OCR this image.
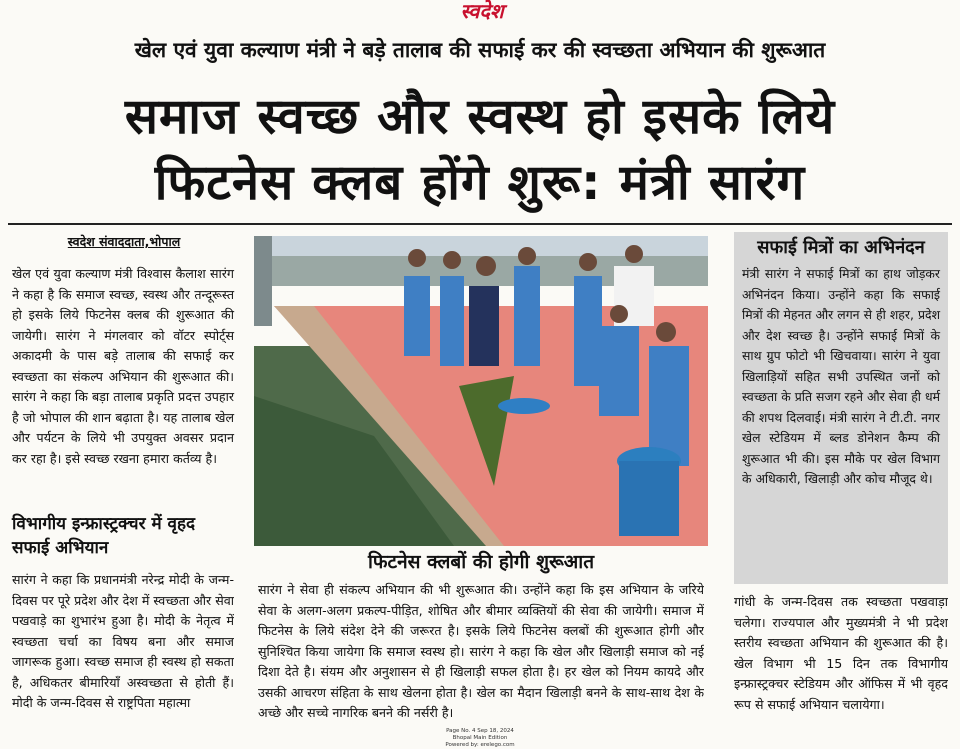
स्वदेश
खेल एवं युवा कल्याण मंत्री ने बड़े तालाब की सफाई कर की स्वच्छता अभियान की शुरूआत
समाज स्वच्छ और स्वस्थ हो इसके लिये
फिटनेस क्लब होंगे शुरू: मंत्री सारंग
स्वदेश संवाददाता,भोपाल
खेल एवं युवा कल्याण मंत्री विश्वास कैलाश सारंग ने कहा है कि समाज स्वच्छ, स्वस्थ और तन्दूरूस्त हो इसके लिये फिटनेस क्लब की शुरूआत की जायेगी। सारंग ने मंगलवार को वॉटर स्पोर्ट्स अकादमी के पास बड़े तालाब की सफाई कर स्वच्छता का संकल्प अभियान की शुरूआत की। सारंग ने कहा कि बड़ा तालाब प्रकृति प्रदत्त उपहार है जो भोपाल की शान बढ़ाता है। यह तालाब खेल और पर्यटन के लिये भी उपयुक्त अवसर प्रदान कर रहा है। इसे स्वच्छ रखना हमारा कर्तव्य है।
विभागीय इन्फ्रास्ट्रक्चर में वृहद सफाई अभियान
सारंग ने कहा कि प्रधानमंत्री नरेन्द्र मोदी के जन्म-दिवस पर पूरे प्रदेश और देश में स्वच्छता और सेवा पखवाड़े का शुभारंभ हुआ है। मोदी के नेतृत्व में स्वच्छता चर्चा का विषय बना और समाज जागरूक हुआ। स्वच्छ समाज ही स्वस्थ हो सकता है, अधिकतर बीमारियाँ अस्वच्छता से होती हैं। मोदी के जन्म-दिवस से राष्ट्रपिता महात्मा
फिटनेस क्लबों की होगी शुरूआत
सारंग ने सेवा ही संकल्प अभियान की भी शुरूआत की। उन्होंने कहा कि इस अभियान के जरिये सेवा के अलग-अलग प्रकल्प-पीड़ित, शोषित और बीमार व्यक्तियों की सेवा की जायेगी। समाज में फिटनेस के लिये संदेश देने की जरूरत है। इसके लिये फिटनेस क्लबों की शुरूआत होगी और सुनिश्चित किया जायेगा कि समाज स्वस्थ हो। सारंग ने कहा कि खेल और खिलाड़ी समाज को नई दिशा देते है। संयम और अनुशासन से ही खिलाड़ी सफल होता है। हर खेल को नियम कायदे और उसकी आचरण संहिता के साथ खेलना होता है। खेल का मैदान खिलाड़ी बनने के साथ-साथ देश के अच्छे और सच्चे नागरिक बनने की नर्सरी है।
सफाई मित्रों का अभिनंदन

मंत्री सारंग ने सफाई मित्रों का हाथ जोड़कर अभिनंदन किया। उन्होंने कहा कि सफाई मित्रों की मेहनत और लगन से ही शहर, प्रदेश और देश स्वच्छ है। उन्होंने सफाई मित्रों के साथ ग्रुप फोटो भी खिचवाया। सारंग ने युवा खिलाड़ियों सहित सभी उपस्थित जनों को स्वच्छता के प्रति सजग रहने और सेवा ही धर्म की शपथ दिलवाई। मंत्री सारंग ने टी.टी. नगर खेल स्टेडियम में ब्लड डोनेशन कैम्प की शुरूआत भी की। इस मौके पर खेल विभाग के अधिकारी, खिलाड़ी और कोच मौजूद थे।

गांधी के जन्म-दिवस तक स्वच्छता पखवाड़ा चलेगा। राज्यपाल और मुख्यमंत्री ने भी प्रदेश स्तरीय स्वच्छता अभियान की शुरूआत की है। खेल विभाग भी 15 दिन तक विभागीय इन्फ्रास्ट्रक्चर स्टेडियम और ऑफिस में भी वृहद रूप से सफाई अभियान चलायेगा।
Page No. 4 Sep 18, 2024
Bhopal Main Edition
Powered by: erelego.com
